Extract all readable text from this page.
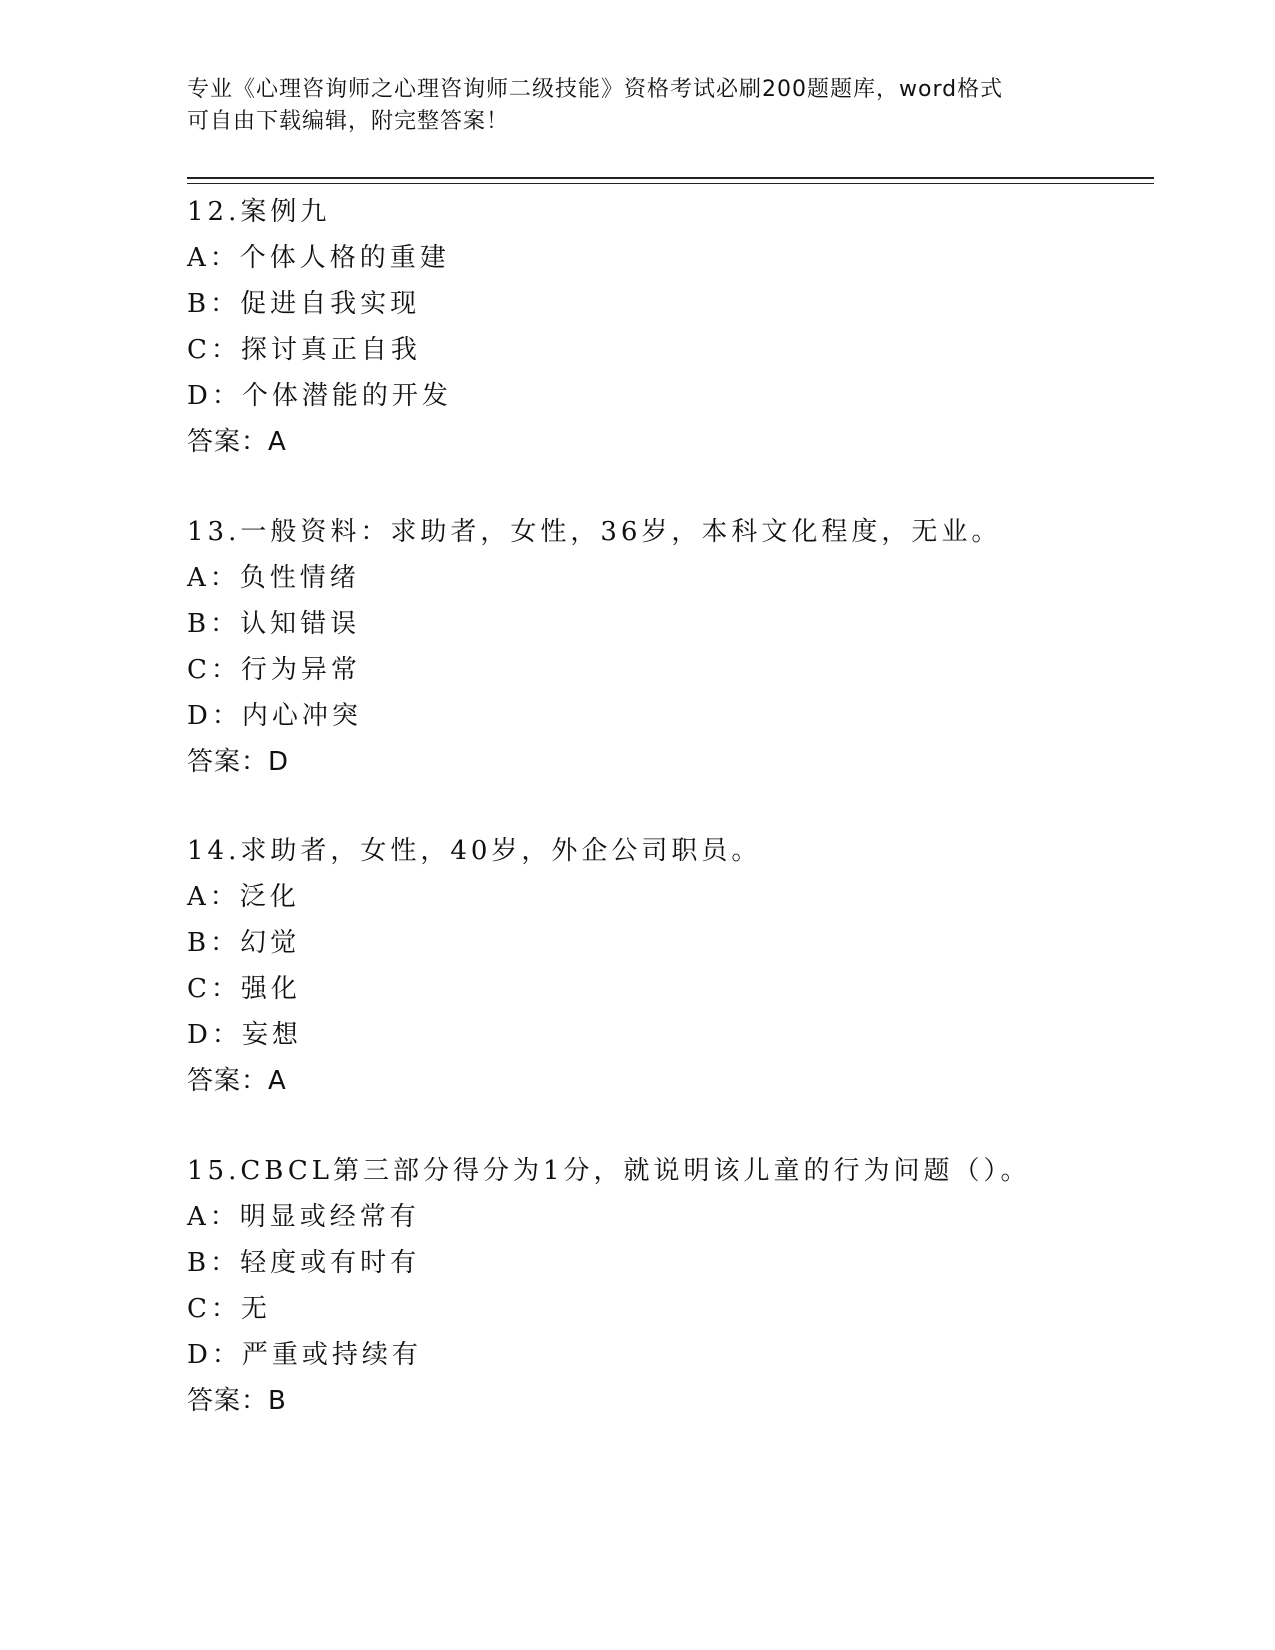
专业《心理咨询师之心理咨询师二级技能》资格考试必刷200题题库，word格式
可自由下载编辑，附完整答案！
12.案例九
A：个体人格的重建
B：促进自我实现
C：探讨真正自我
D：个体潜能的开发
答案：A
13.一般资料：求助者，女性，36岁，本科文化程度，无业。
A：负性情绪
B：认知错误
C：行为异常
D：内心冲突
答案：D
14.求助者，女性，40岁，外企公司职员。
A：泛化
B：幻觉
C：强化
D：妄想
答案：A
15.CBCL第三部分得分为1分，就说明该儿童的行为问题（）。
A：明显或经常有
B：轻度或有时有
C：无
D：严重或持续有
答案：B
